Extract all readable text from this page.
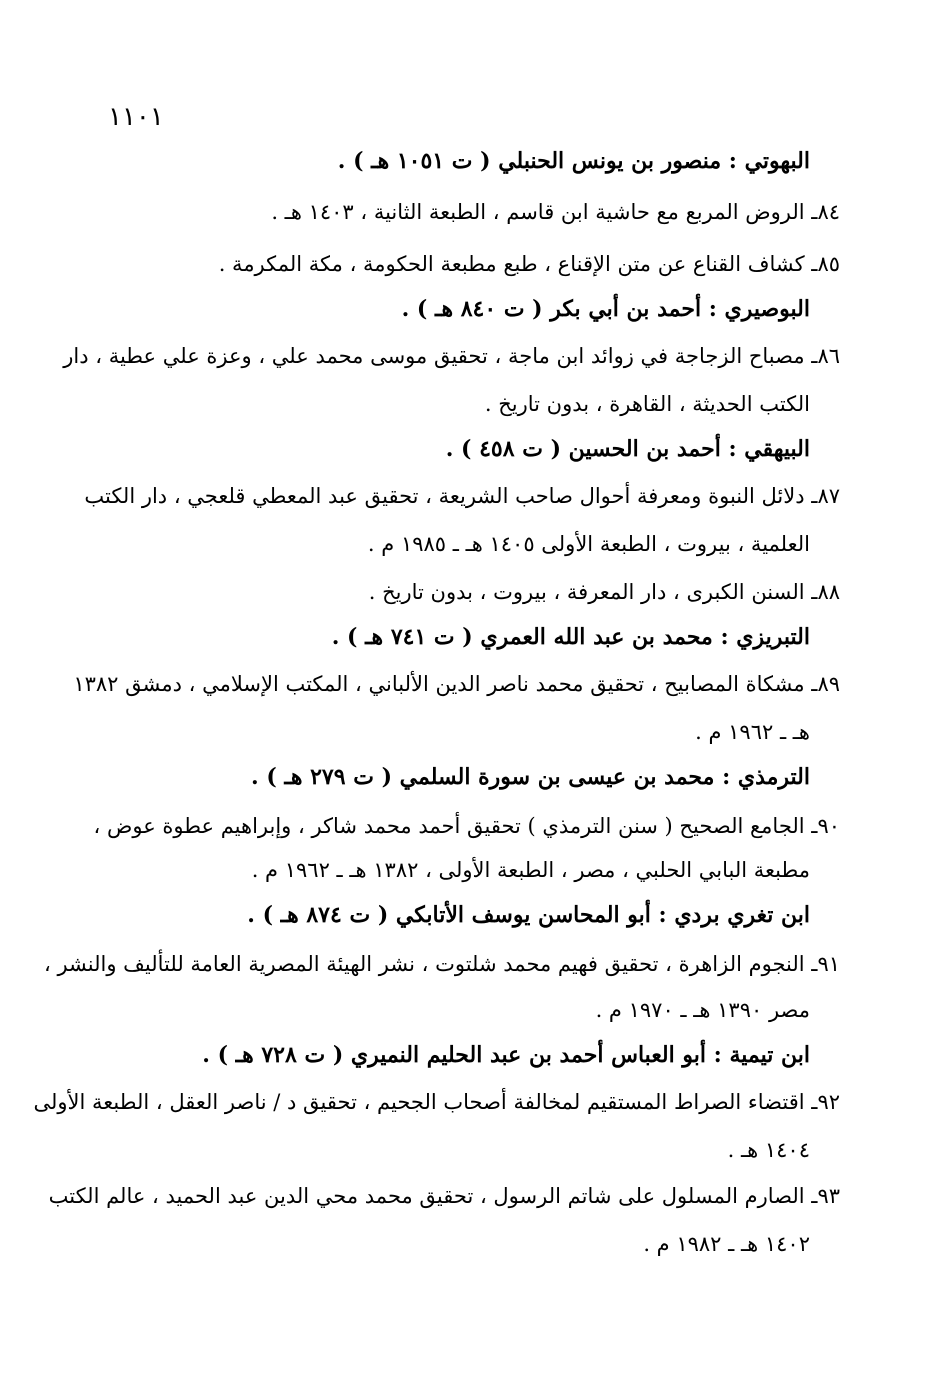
١١٠١
البهوتي : منصور بن يونس الحنبلي ( ت ١٠٥١ هـ ) .
٨٤ـ الروض المربع مع حاشية ابن قاسم ، الطبعة الثانية ، ١٤٠٣ هـ .
٨٥ـ كشاف القناع عن متن الإقناع ، طبع مطبعة الحكومة ، مكة المكرمة .
البوصيري : أحمد بن أبي بكر ( ت ٨٤٠ هـ ) .
٨٦ـ مصباح الزجاجة في زوائد ابن ماجة ، تحقيق موسى محمد علي ، وعزة علي عطية ، دار
الكتب الحديثة ، القاهرة ، بدون تاريخ .
البيهقي : أحمد بن الحسين ( ت ٤٥٨ ) .
٨٧ـ دلائل النبوة ومعرفة أحوال صاحب الشريعة ، تحقيق عبد المعطي قلعجي ، دار الكتب
العلمية ، بيروت ، الطبعة الأولى ١٤٠٥ هـ ـ ١٩٨٥ م .
٨٨ـ السنن الكبرى ، دار المعرفة ، بيروت ، بدون تاريخ .
التبريزي : محمد بن عبد الله العمري ( ت ٧٤١ هـ ) .
٨٩ـ مشكاة المصابيح ، تحقيق محمد ناصر الدين الألباني ، المكتب الإسلامي ، دمشق ١٣٨٢
هـ ـ ١٩٦٢ م .
الترمذي : محمد بن عيسى بن سورة السلمي ( ت ٢٧٩ هـ ) .
٩٠ـ الجامع الصحيح ( سنن الترمذي ) تحقيق أحمد محمد شاكر ، وإبراهيم عطوة عوض ،
مطبعة البابي الحلبي ، مصر ، الطبعة الأولى ، ١٣٨٢ هـ ـ ١٩٦٢ م .
ابن تغري بردي : أبو المحاسن يوسف الأتابكي ( ت ٨٧٤ هـ ) .
٩١ـ النجوم الزاهرة ، تحقيق فهيم محمد شلتوت ، نشر الهيئة المصرية العامة للتأليف والنشر ،
مصر ١٣٩٠ هـ ـ ١٩٧٠ م .
ابن تيمية : أبو العباس أحمد بن عبد الحليم النميري ( ت ٧٢٨ هـ ) .
٩٢ـ اقتضاء الصراط المستقيم لمخالفة أصحاب الجحيم ، تحقيق د / ناصر العقل ، الطبعة الأولى
١٤٠٤ هـ .
٩٣ـ الصارم المسلول على شاتم الرسول ، تحقيق محمد محي الدين عبد الحميد ، عالم الكتب
١٤٠٢ هـ ـ ١٩٨٢ م .
